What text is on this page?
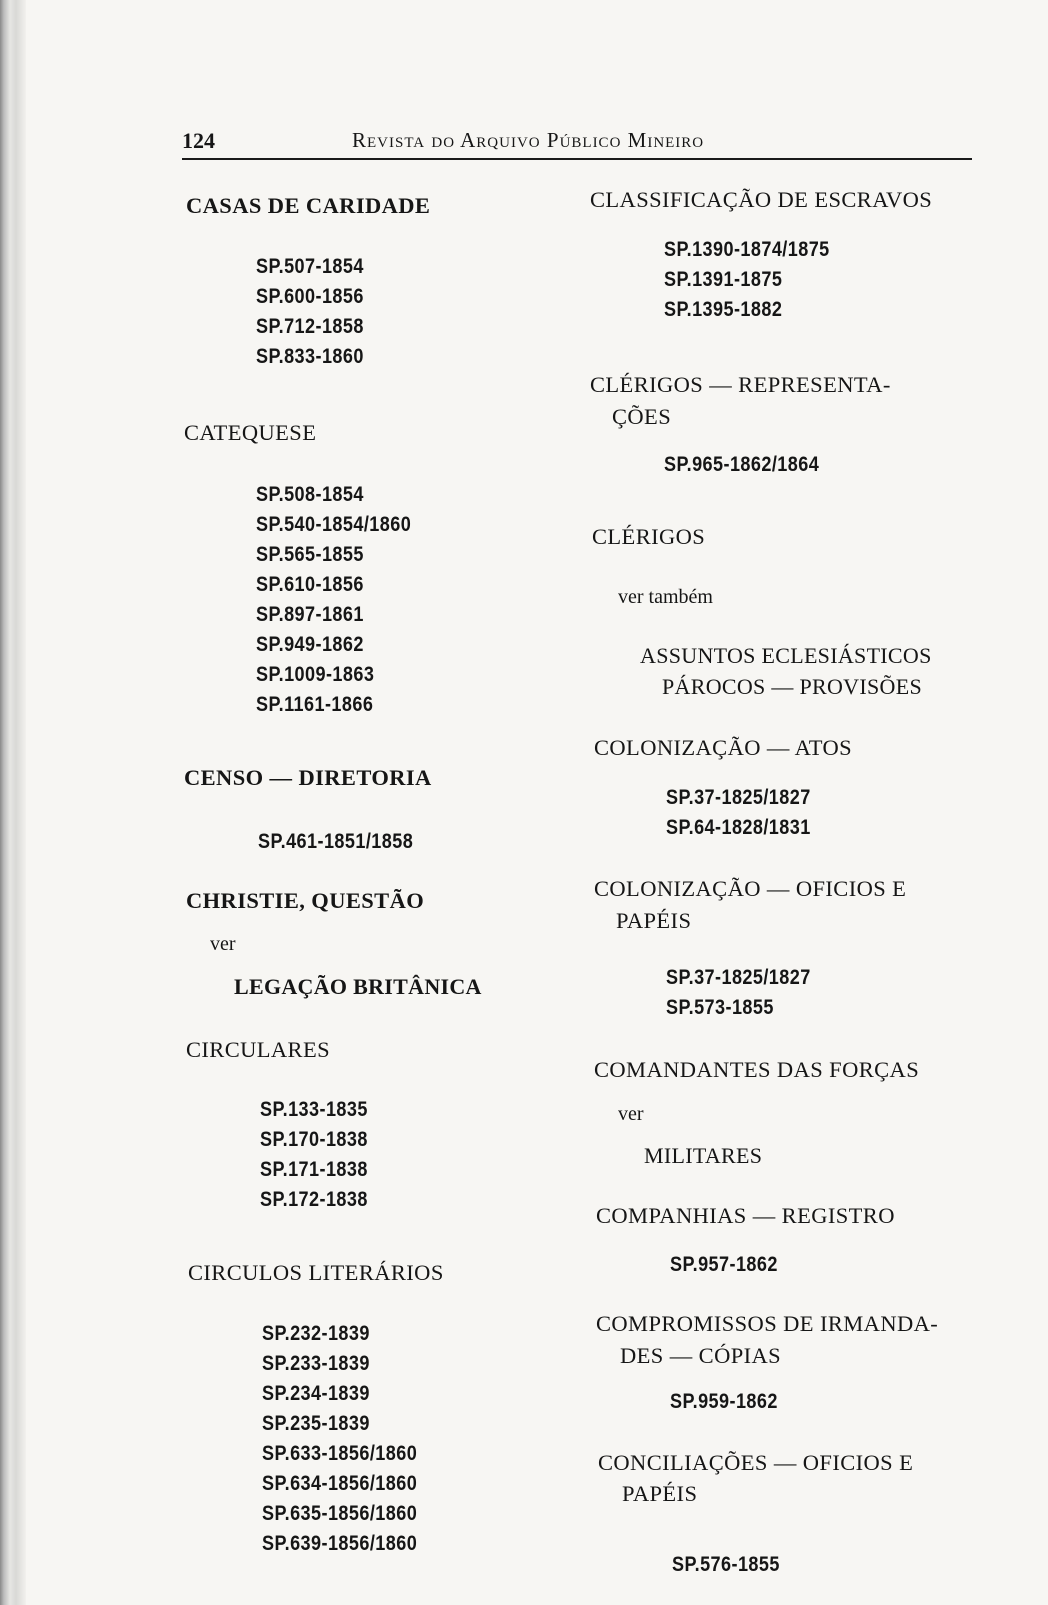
124	Revista do Arquivo Público Mineiro
CASAS DE CARIDADE
SP.507-1854
SP.600-1856
SP.712-1858
SP.833-1860
CATEQUESE
SP.508-1854
SP.540-1854/1860
SP.565-1855
SP.610-1856
SP.897-1861
SP.949-1862
SP.1009-1863
SP.1161-1866
CENSO — DIRETORIA
SP.461-1851/1858
CHRISTIE, QUESTÃO
ver
LEGAÇÃO BRITÂNICA
CIRCULARES
SP.133-1835
SP.170-1838
SP.171-1838
SP.172-1838
CIRCULOS LITERÁRIOS
SP.232-1839
SP.233-1839
SP.234-1839
SP.235-1839
SP.633-1856/1860
SP.634-1856/1860
SP.635-1856/1860
SP.639-1856/1860
CLASSIFICAÇÃO DE ESCRAVOS
SP.1390-1874/1875
SP.1391-1875
SP.1395-1882
CLÉRIGOS — REPRESENTA-
ÇÕES
SP.965-1862/1864
CLÉRIGOS
ver também
ASSUNTOS ECLESIÁSTICOS
PÁROCOS — PROVISÕES
COLONIZAÇÃO — ATOS
SP.37-1825/1827
SP.64-1828/1831
COLONIZAÇÃO — OFICIOS E
PAPÉIS
SP.37-1825/1827
SP.573-1855
COMANDANTES DAS FORÇAS
ver
MILITARES
COMPANHIAS — REGISTRO
SP.957-1862
COMPROMISSOS DE IRMANDA-
DES — CÓPIAS
SP.959-1862
CONCILIAÇÕES — OFICIOS E
PAPÉIS
SP.576-1855
